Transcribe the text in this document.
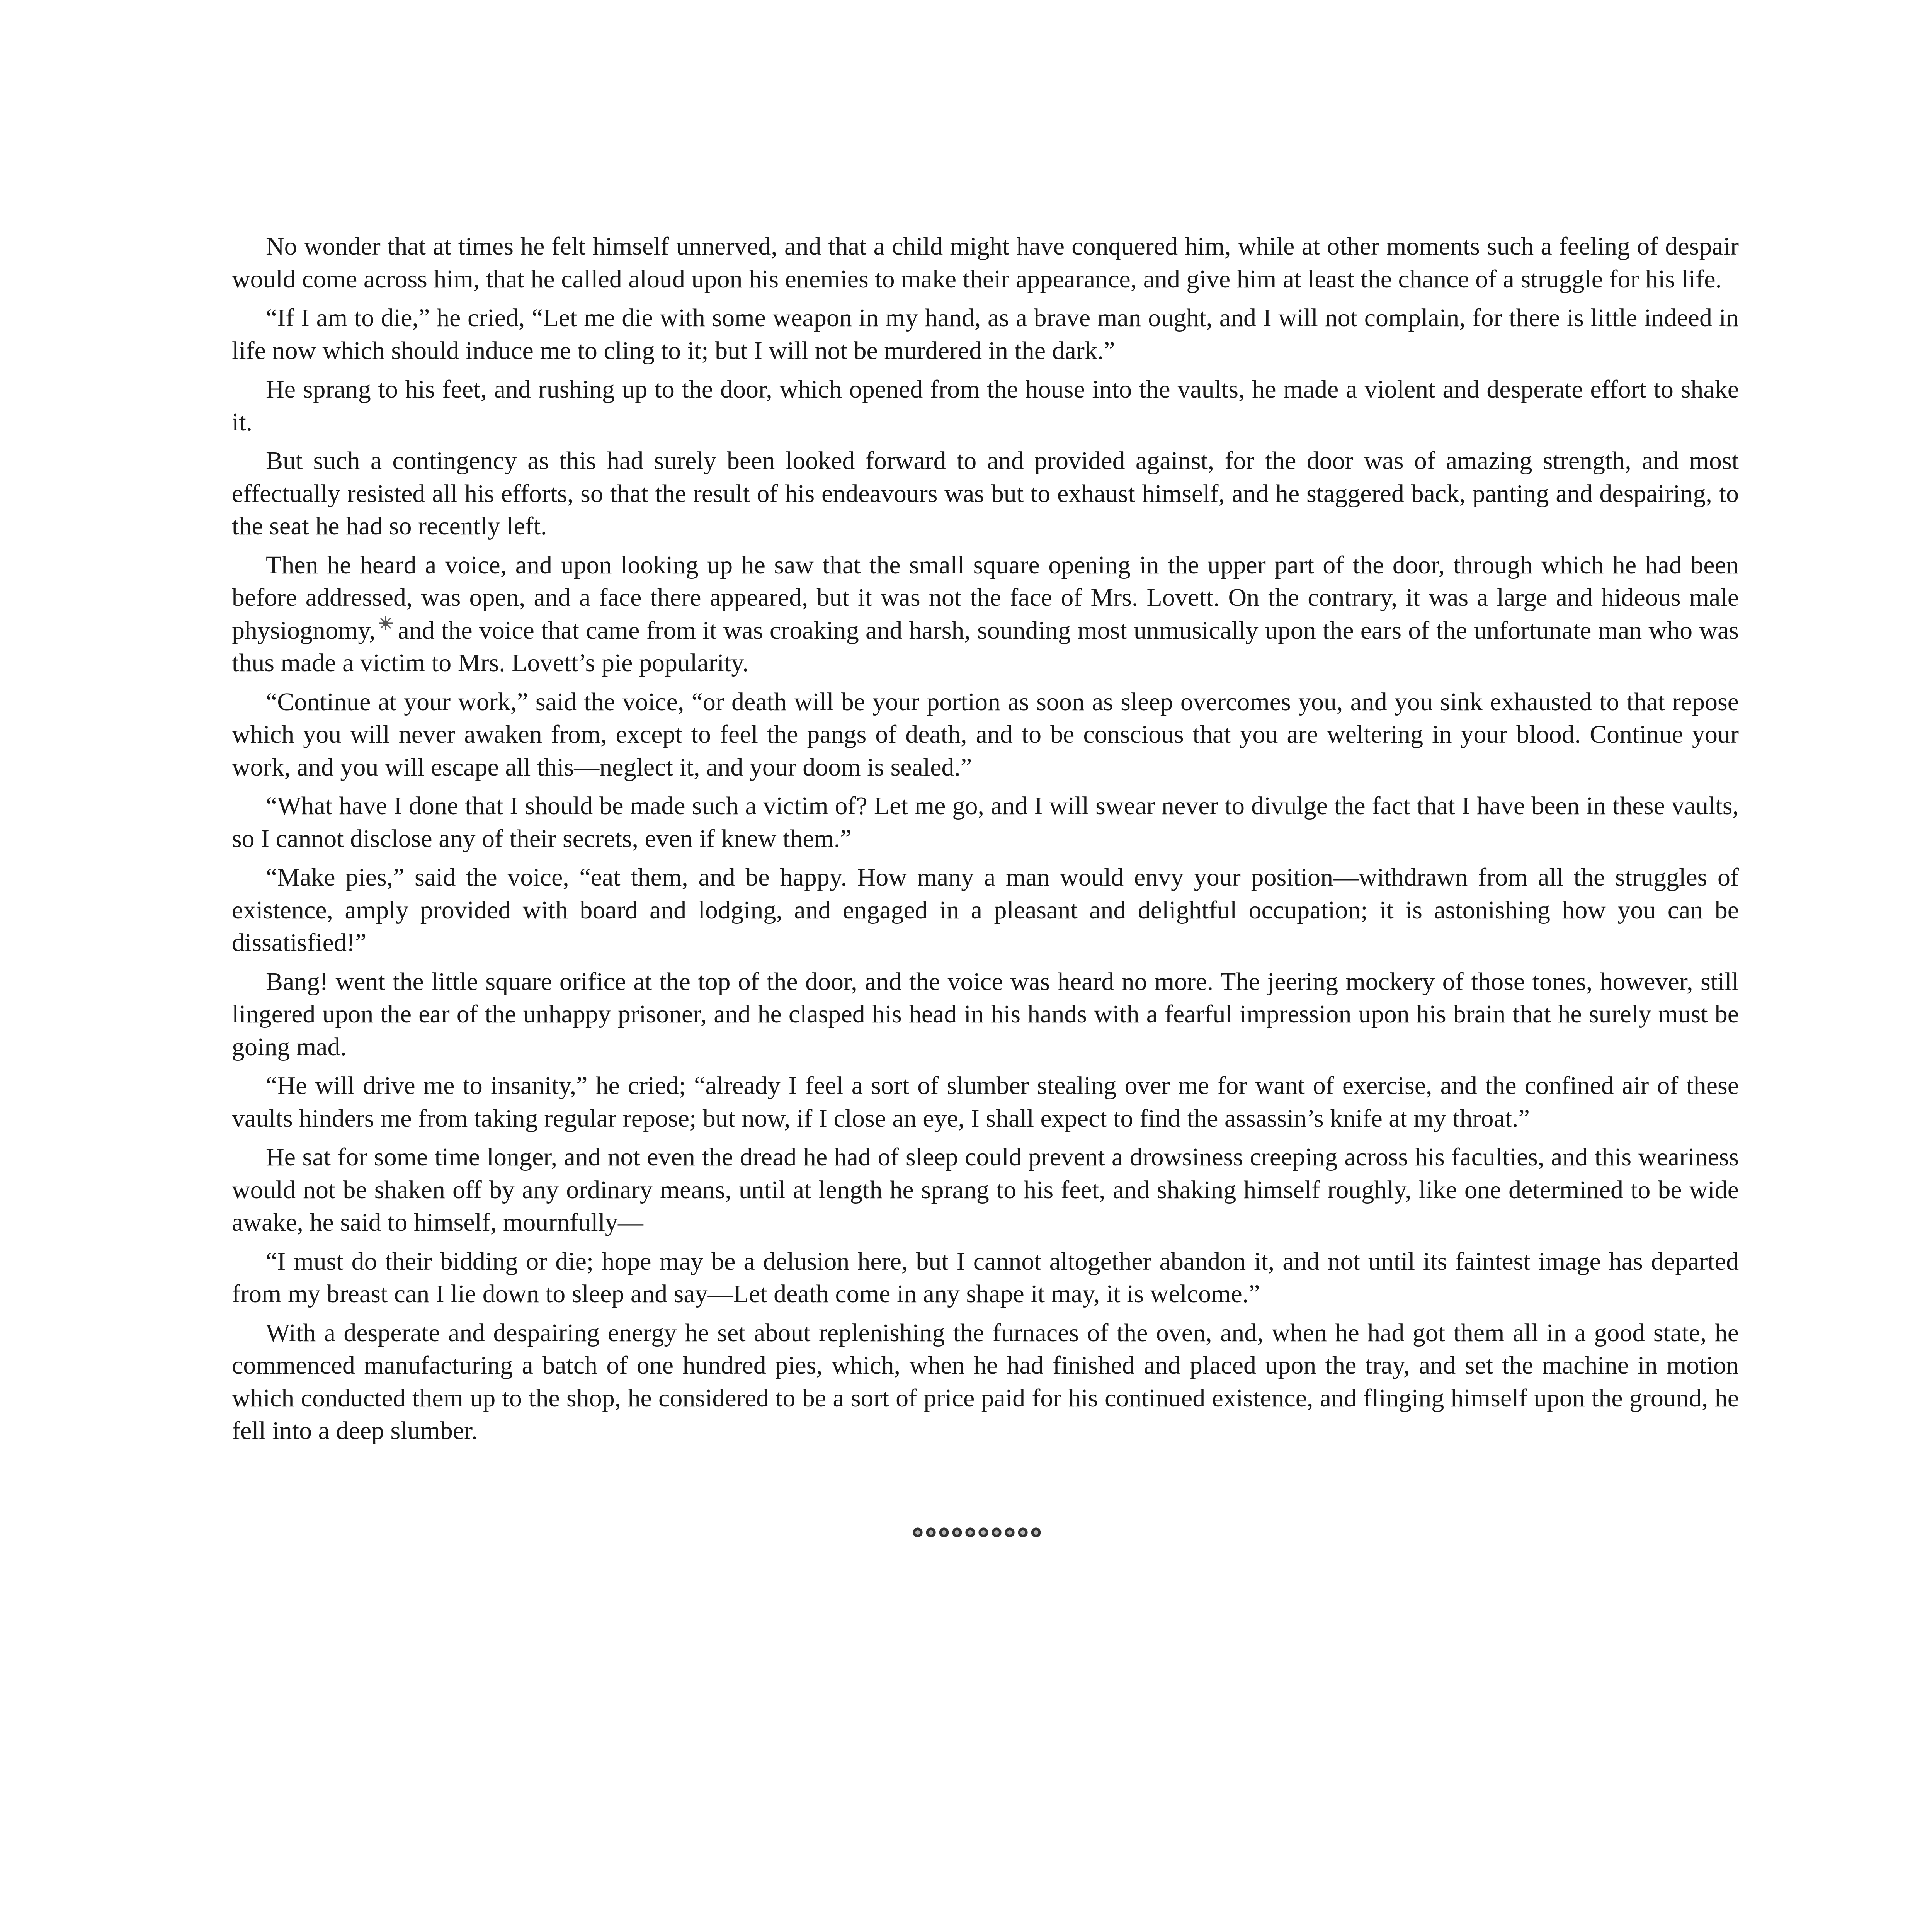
No wonder that at times he felt himself unnerved, and that a child might have conquered him, while at other moments such a feeling of despair would come across him, that he called aloud upon his enemies to make their appearance, and give him at least the chance of a struggle for his life.

“If I am to die,” he cried, “Let me die with some weapon in my hand, as a brave man ought, and I will not complain, for there is little indeed in life now which should induce me to cling to it; but I will not be murdered in the dark.”

He sprang to his feet, and rushing up to the door, which opened from the house into the vaults, he made a violent and desperate effort to shake it.

But such a contingency as this had surely been looked forward to and provided against, for the door was of amazing strength, and most effectually resisted all his efforts, so that the result of his endeavours was but to exhaust himself, and he staggered back, panting and despairing, to the seat he had so recently left.

Then he heard a voice, and upon looking up he saw that the small square opening in the upper part of the door, through which he had been before addressed, was open, and a face there appeared, but it was not the face of Mrs. Lovett. On the contrary, it was a large and hideous male physiognomy, and the voice that came from it was croaking and harsh, sounding most unmusically upon the ears of the unfortunate man who was thus made a victim to Mrs. Lovett’s pie popularity.

“Continue at your work,” said the voice, “or death will be your portion as soon as sleep overcomes you, and you sink exhausted to that repose which you will never awaken from, except to feel the pangs of death, and to be conscious that you are weltering in your blood. Continue your work, and you will escape all this—neglect it, and your doom is sealed.”

“What have I done that I should be made such a victim of? Let me go, and I will swear never to divulge the fact that I have been in these vaults, so I cannot disclose any of their secrets, even if knew them.”

“Make pies,” said the voice, “eat them, and be happy. How many a man would envy your position—withdrawn from all the struggles of existence, amply provided with board and lodging, and engaged in a pleasant and delightful occupation; it is astonishing how you can be dissatisfied!”

Bang! went the little square orifice at the top of the door, and the voice was heard no more. The jeering mockery of those tones, however, still lingered upon the ear of the unhappy prisoner, and he clasped his head in his hands with a fearful impression upon his brain that he surely must be going mad.

“He will drive me to insanity,” he cried; “already I feel a sort of slumber stealing over me for want of exercise, and the confined air of these vaults hinders me from taking regular repose; but now, if I close an eye, I shall expect to find the assassin’s knife at my throat.”

He sat for some time longer, and not even the dread he had of sleep could prevent a drowsiness creeping across his faculties, and this weariness would not be shaken off by any ordinary means, until at length he sprang to his feet, and shaking himself roughly, like one determined to be wide awake, he said to himself, mournfully—

“I must do their bidding or die; hope may be a delusion here, but I cannot altogether abandon it, and not until its faintest image has departed from my breast can I lie down to sleep and say—Let death come in any shape it may, it is welcome.”

With a desperate and despairing energy he set about replenishing the furnaces of the oven, and, when he had got them all in a good state, he commenced manufacturing a batch of one hundred pies, which, when he had finished and placed upon the tray, and set the machine in motion which conducted them up to the shop, he considered to be a sort of price paid for his continued existence, and flinging himself upon the ground, he fell into a deep slumber.
